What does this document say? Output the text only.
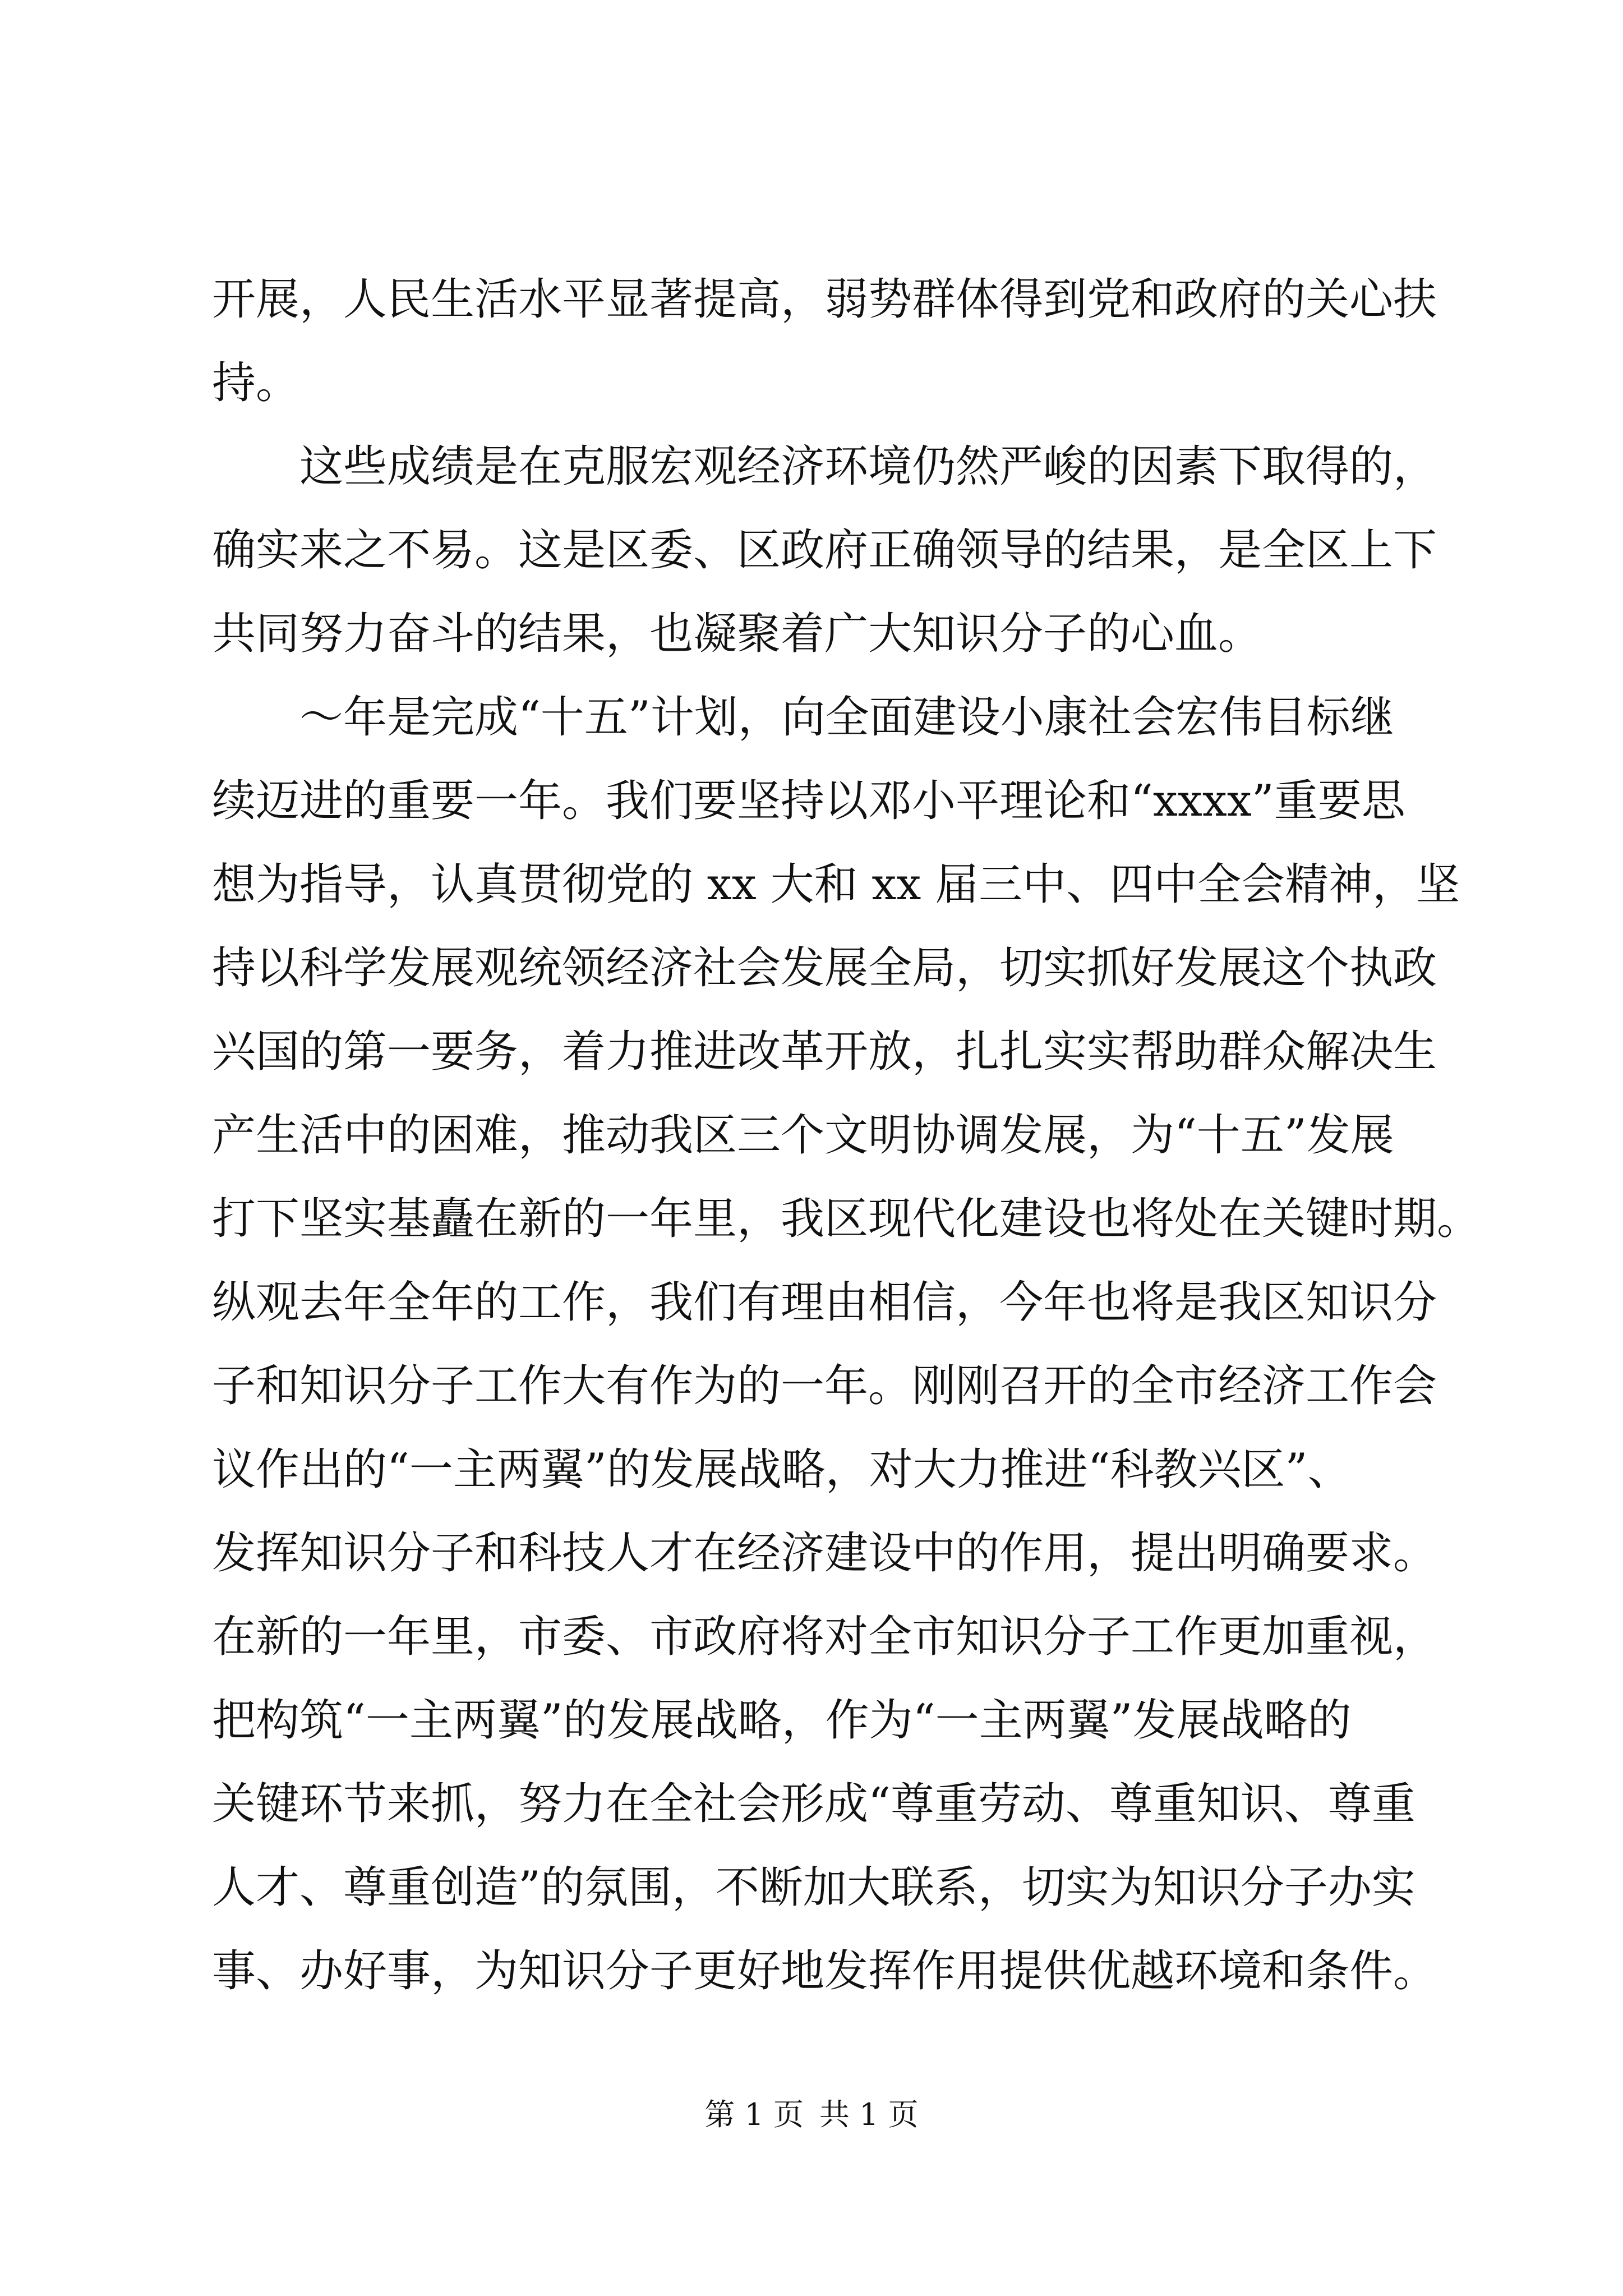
开展，人民生活水平显著提高，弱势群体得到党和政府的关心扶
持。
这些成绩是在克服宏观经济环境仍然严峻的因素下取得的，
确实来之不易。这是区委、区政府正确领导的结果，是全区上下
共同努力奋斗的结果，也凝聚着广大知识分子的心血。
～年是完成“十五”计划，向全面建设小康社会宏伟目标继
续迈进的重要一年。我们要坚持以邓小平理论和“xxxx”重要思
想为指导，认真贯彻党的 xx 大和 xx 届三中、四中全会精神，坚
持以科学发展观统领经济社会发展全局，切实抓好发展这个执政
兴国的第一要务，着力推进改革开放，扎扎实实帮助群众解决生
产生活中的困难，推动我区三个文明协调发展，为“十五”发展
打下坚实基矗在新的一年里，我区现代化建设也将处在关键时期。
纵观去年全年的工作，我们有理由相信，今年也将是我区知识分
子和知识分子工作大有作为的一年。刚刚召开的全市经济工作会
议作出的“一主两翼”的发展战略，对大力推进“科教兴区”、
发挥知识分子和科技人才在经济建设中的作用，提出明确要求。
在新的一年里，市委、市政府将对全市知识分子工作更加重视，
把构筑“一主两翼”的发展战略，作为“一主两翼”发展战略的
关键环节来抓，努力在全社会形成“尊重劳动、尊重知识、尊重
人才、尊重创造”的氛围，不断加大联系，切实为知识分子办实
事、办好事，为知识分子更好地发挥作用提供优越环境和条件。
第 1 页 共 1 页
